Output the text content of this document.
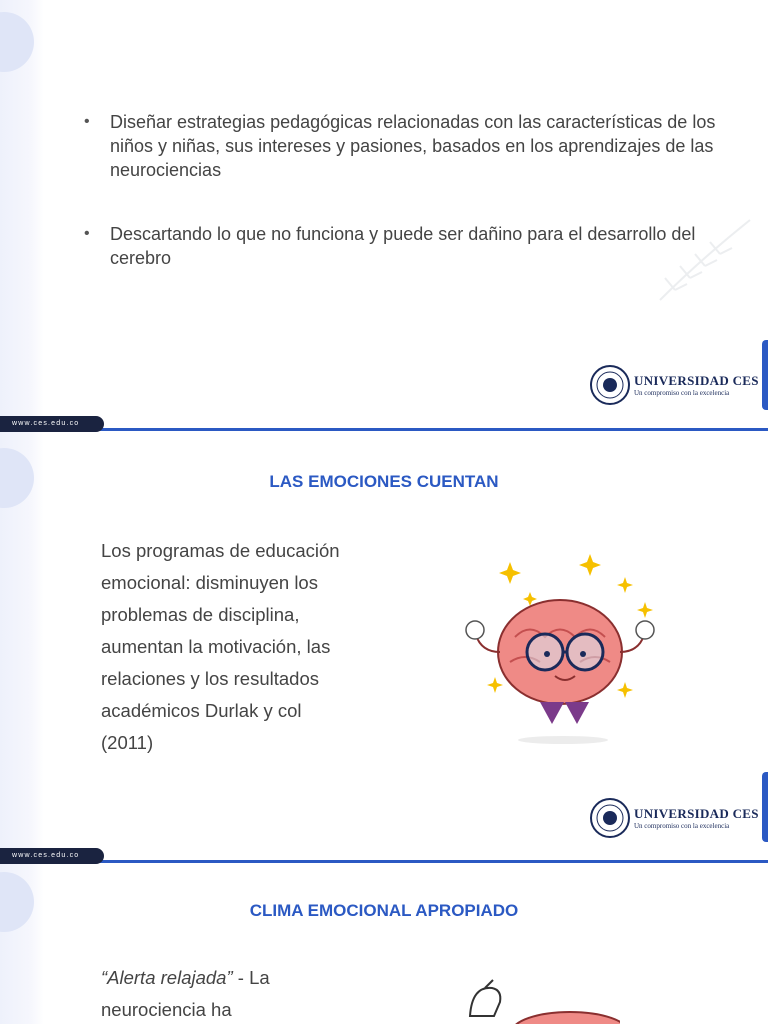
• Diseñar estrategias pedagógicas relacionadas con las características de los niños y niñas, sus intereses y pasiones, basados en los aprendizajes de las neurociencias
• Descartando lo que no funciona y puede ser dañino para el desarrollo del cerebro
UNIVERSIDAD CES
Un compromiso con la excelencia
www.ces.edu.co
LAS EMOCIONES CUENTAN
Los programas de educación emocional: disminuyen los problemas de disciplina, aumentan la motivación, las relaciones y los resultados académicos Durlak y col (2011)
UNIVERSIDAD CES
Un compromiso con la excelencia
www.ces.edu.co
CLIMA EMOCIONAL APROPIADO
“Alerta relajada” - La neurociencia ha
